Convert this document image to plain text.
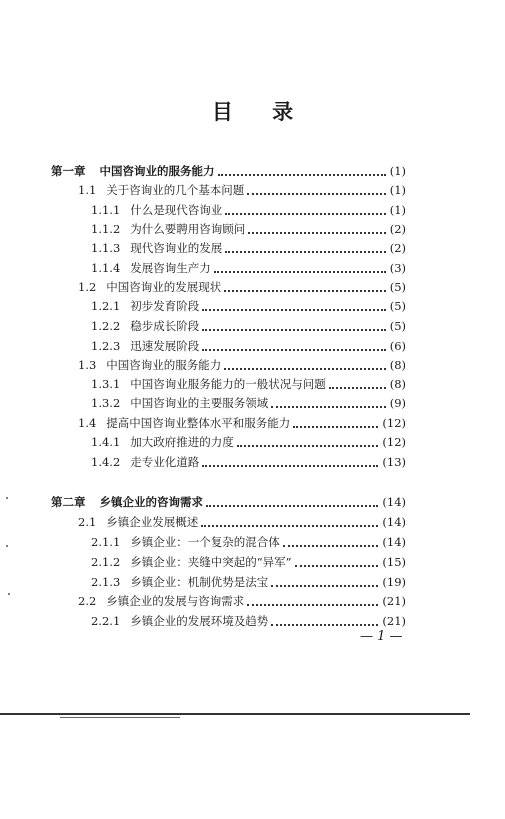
目 录
第一章 中国咨询业的服务能力	(1)
1.1 关于咨询业的几个基本问题	(1)
1.1.1 什么是现代咨询业	(1)
1.1.2 为什么要聘用咨询顾问	(2)
1.1.3 现代咨询业的发展	(2)
1.1.4 发展咨询生产力	(3)
1.2 中国咨询业的发展现状	(5)
1.2.1 初步发育阶段	(5)
1.2.2 稳步成长阶段	(5)
1.2.3 迅速发展阶段	(6)
1.3 中国咨询业的服务能力	(8)
1.3.1 中国咨询业服务能力的一般状况与问题	(8)
1.3.2 中国咨询业的主要服务领域	(9)
1.4 提高中国咨询业整体水平和服务能力	(12)
1.4.1 加大政府推进的力度	(12)
1.4.2 走专业化道路	(13)
第二章 乡镇企业的咨询需求	(14)
2.1 乡镇企业发展概述	(14)
2.1.1 乡镇企业：一个复杂的混合体	(14)
2.1.2 乡镇企业：夹缝中突起的“异军”	(15)
2.1.3 乡镇企业：机制优势是法宝	(19)
2.2 乡镇企业的发展与咨询需求	(21)
2.2.1 乡镇企业的发展环境及趋势	(21)
— 1 —
